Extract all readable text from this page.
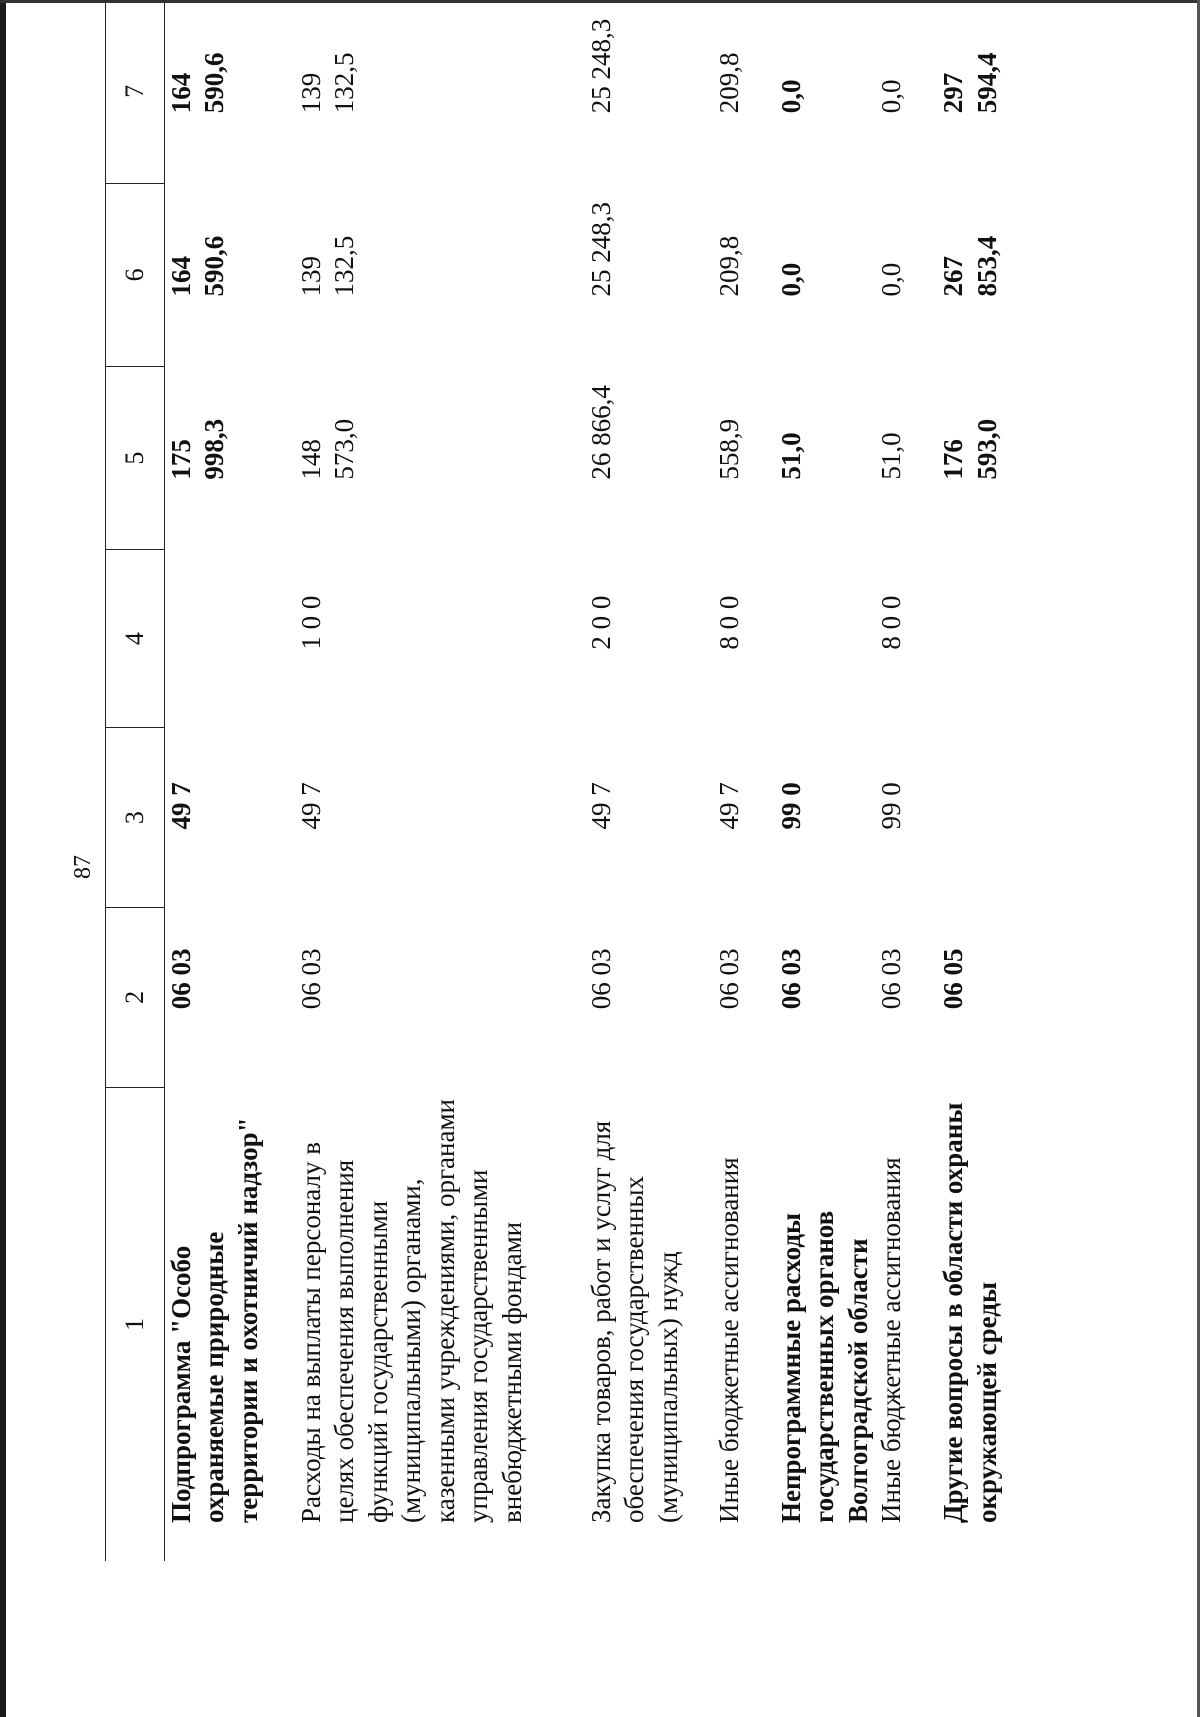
87
1	2	3	4	5	6	7
Подпрограмма "Особо охраняемые природные территории и охотничий надзор"	06 03	49 7		175 998,3	164 590,6	164 590,6
Расходы на выплаты персоналу в целях обеспечения выполнения функций государственными (муниципальными) органами, казенными учреждениями, органами управления государственными внебюджетными фондами	06 03	49 7	1 0 0	148 573,0	139 132,5	139 132,5
Закупка товаров, работ и услуг для обеспечения государственных (муниципальных) нужд	06 03	49 7	2 0 0	26 866,4	25 248,3	25 248,3
Иные бюджетные ассигнования	06 03	49 7	8 0 0	558,9	209,8	209,8
Непрограммные расходы государственных органов Волгоградской области	06 03	99 0		51,0	0,0	0,0
Иные бюджетные ассигнования	06 03	99 0	8 0 0	51,0	0,0	0,0
Другие вопросы в области охраны окружающей среды	06 05			176 593,0	267 853,4	297 594,4
